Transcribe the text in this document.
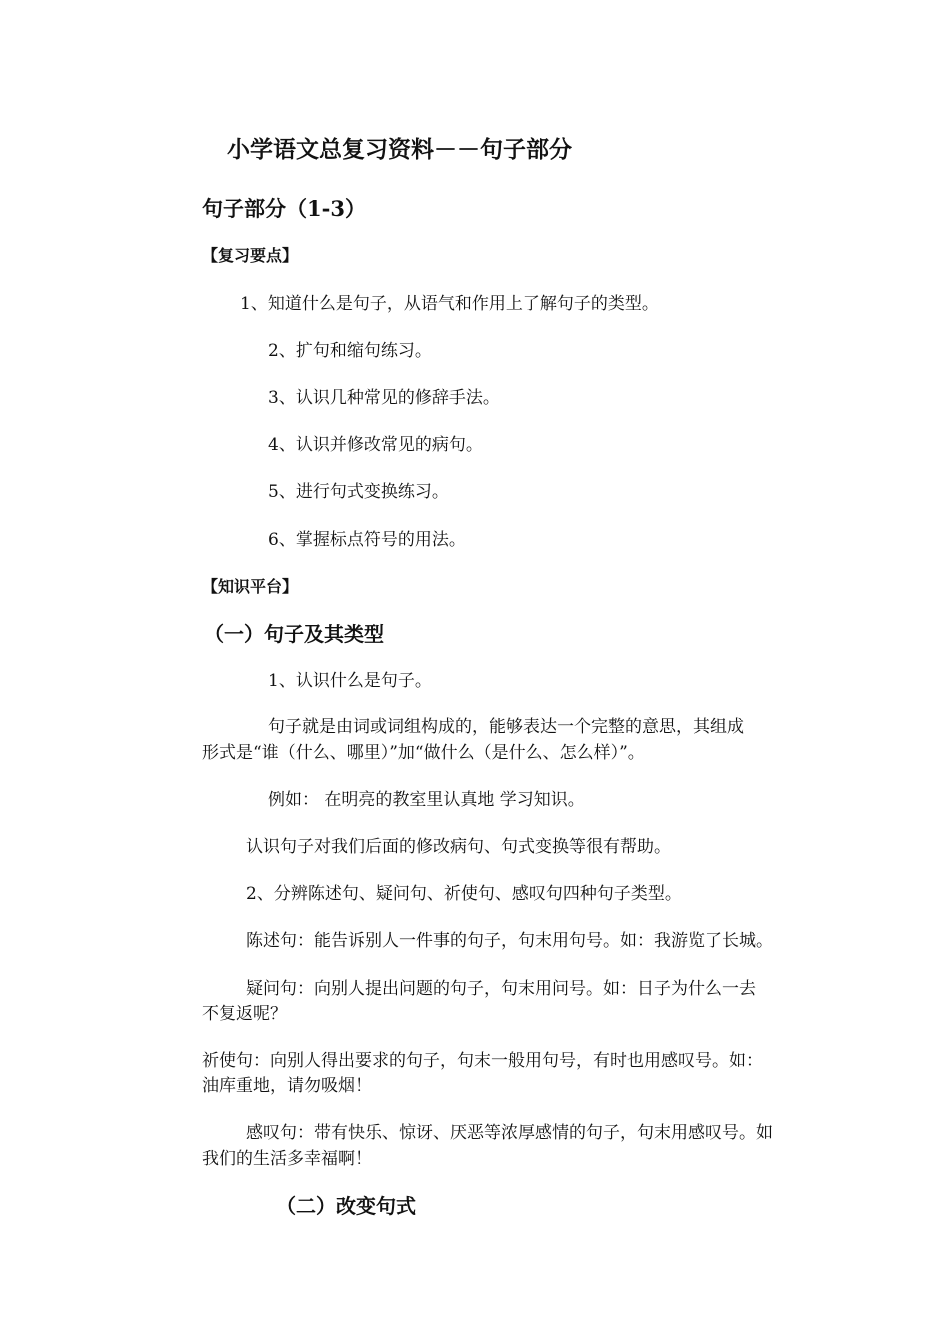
小学语文总复习资料－－句子部分
句子部分（1-3）
【复习要点】
1、知道什么是句子，从语气和作用上了解句子的类型。
2、扩句和缩句练习。
3、认识几种常见的修辞手法。
4、认识并修改常见的病句。
5、进行句式变换练习。
6、掌握标点符号的用法。
【知识平台】
（一）句子及其类型
1、认识什么是句子。
句子就是由词或词组构成的，能够表达一个完整的意思，其组成
形式是“谁（什么、哪里）”加“做什么（是什么、怎么样）”。
例如： 在明亮的教室里认真地 学习知识。
认识句子对我们后面的修改病句、句式变换等很有帮助。
2、分辨陈述句、疑问句、祈使句、感叹句四种句子类型。
陈述句：能告诉别人一件事的句子，句末用句号。如：我游览了长城。
疑问句：向别人提出问题的句子，句末用问号。如：日子为什么一去
不复返呢？
祈使句：向别人得出要求的句子，句末一般用句号，有时也用感叹号。如：
油库重地，请勿吸烟！
感叹句：带有快乐、惊讶、厌恶等浓厚感情的句子，句末用感叹号。如
我们的生活多幸福啊！
（二）改变句式
